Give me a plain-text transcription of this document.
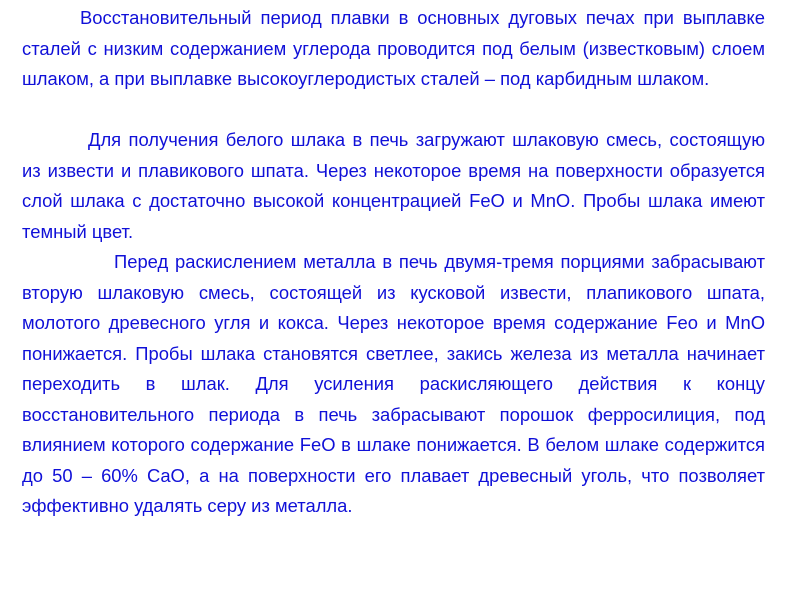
Восстановительный период плавки в основных дуговых печах при выплавке сталей с низким содержанием углерода проводится под белым (известковым) слоем шлаком, а при выплавке высокоуглеродистых сталей – под карбидным шлаком.

Для получения белого шлака в печь загружают шлаковую смесь, состоящую из извести и плавикового шпата. Через некоторое время на поверхности образуется слой шлака с достаточно высокой концентрацией FeO и MnO. Пробы шлака имеют темный цвет.

Перед раскислением металла в печь двумя-тремя порциями забрасывают вторую шлаковую смесь, состоящей из кусковой извести, плапикового шпата, молотого древесного угля и кокса. Через некоторое время содержание Feo и MnO понижается. Пробы шлака становятся светлее, закись железа из металла начинает переходить в шлак. Для усиления раскисляющего действия к концу восстановительного периода в печь забрасывают порошок ферросилиция, под влиянием которого содержание FeO в шлаке понижается. В белом шлаке содержится до 50 – 60% CaO, а на поверхности его плавает древесный уголь, что позволяет эффективно удалять серу из металла.
